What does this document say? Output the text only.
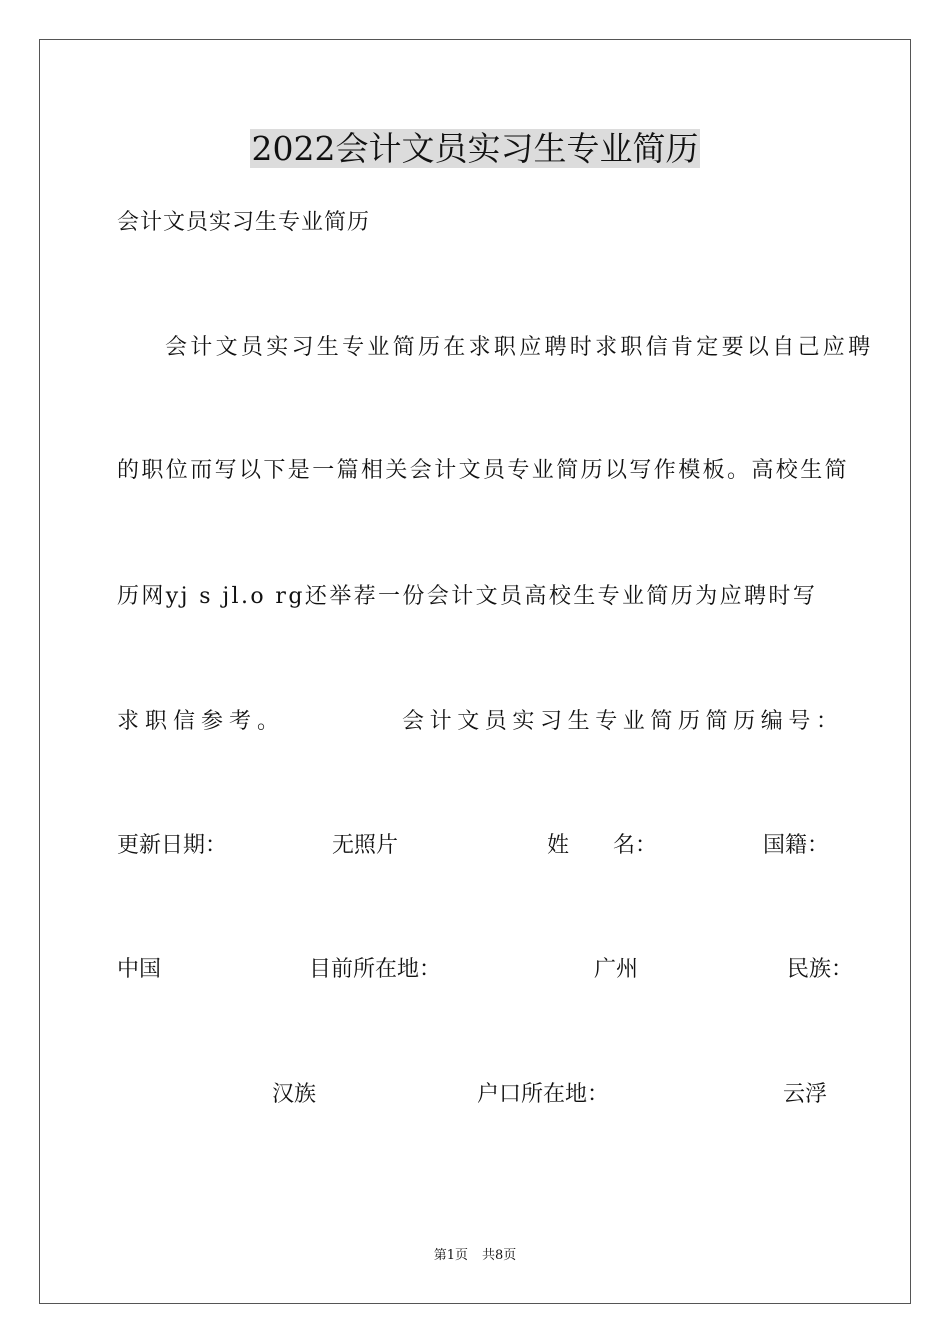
2022会计文员实习生专业简历
会计文员实习生专业简历
会计文员实习生专业简历在求职应聘时求职信肯定要以自己应聘
的职位而写以下是一篇相关会计文员专业简历以写作模板。高校生简
历网yj s jl.o rg还举荐一份会计文员高校生专业简历为应聘时写
求职信参考。	会计文员实习生专业简历简历编号：
更新日期：	无照片	姓　　名：	国籍：
中国	目前所在地：	广州	民族：
汉族	户口所在地：	云浮
第1页 共8页
